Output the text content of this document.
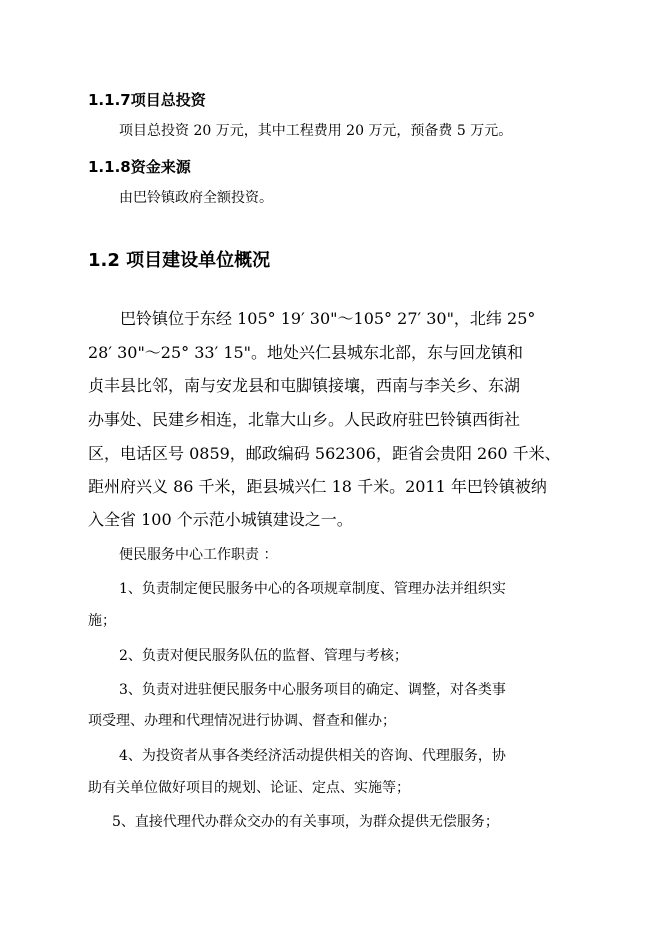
1.1.7项目总投资
项目总投资 20 万元，其中工程费用 20 万元，预备费 5 万元。
1.1.8资金来源
由巴铃镇政府全额投资。
1.2 项目建设单位概况
巴铃镇位于东经 105° 19′ 30"～105° 27′ 30"，北纬 25°
28′ 30"～25° 33′ 15"。地处兴仁县城东北部，东与回龙镇和
贞丰县比邻，南与安龙县和屯脚镇接壤，西南与李关乡、东湖
办事处、民建乡相连，北靠大山乡。人民政府驻巴铃镇西街社
区，电话区号 0859，邮政编码 562306，距省会贵阳 260 千米、
距州府兴义 86 千米，距县城兴仁 18 千米。2011 年巴铃镇被纳
入全省 100 个示范小城镇建设之一。
便民服务中心工作职责 ：
1、负责制定便民服务中心的各项规章制度、管理办法并组织实
施；
2、负责对便民服务队伍的监督、管理与考核；
3、负责对进驻便民服务中心服务项目的确定、调整，对各类事
项受理、办理和代理情况进行协调、督查和催办；
4、为投资者从事各类经济活动提供相关的咨询、代理服务，协
助有关单位做好项目的规划、论证、定点、实施等；
5、直接代理代办群众交办的有关事项，为群众提供无偿服务；
